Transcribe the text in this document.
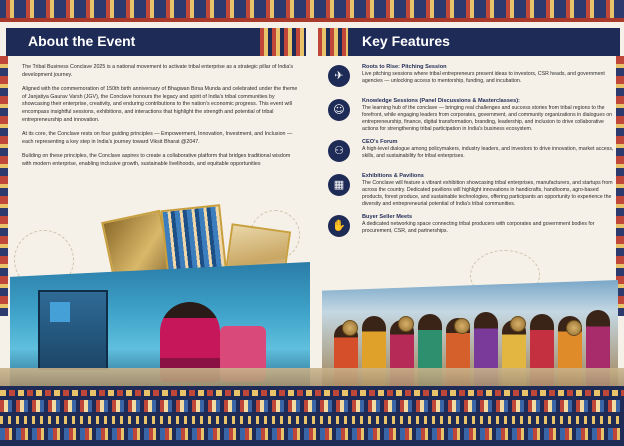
About the Event	Key Features

The Tribal Business Conclave 2025 is a national movement to activate tribal enterprise as a strategic pillar of India's development journey.

Aligned with the commemoration of 150th birth anniversary of Bhagwan Birsa Munda and celebrated under the theme of Janjatiya Gaurav Varsh (JGV), the Conclave honours the legacy and spirit of India's tribal communities by showcasing their enterprise, creativity, and enduring contributions to the nation's economic progress. This event will encompass insightful sessions, exhibitions, and interactions that highlight the strength and potential of tribal entrepreneurship and innovation.

At its core, the Conclave rests on four guiding principles — Empowerment, Innovation, Investment, and Inclusion — each representing a key step in India's journey toward Viksit Bharat @2047.

Building on these principles, the Conclave aspires to create a collaborative platform that bridges traditional wisdom with modern enterprise, enabling inclusive growth, sustainable livelihoods, and equitable opportunities

✈
Roots to Rise: Pitching Session

Live pitching sessions where tribal entrepreneurs present ideas to investors, CSR heads, and government agencies — unlocking access to mentorship, funding, and incubation.

☺
Knowledge Sessions (Panel Discussions & Masterclasses):

The learning hub of the conclave — bringing real challenges and success stories from tribal regions to the forefront, while engaging leaders from corporates, government, and community organizations in dialogues on entrepreneurship, finance, digital transformation, branding, leadership, and inclusion to drive collaborative actions for strengthening tribal participation in India's business ecosystem.

⚇
CEO's Forum

A high-level dialogue among policymakers, industry leaders, and investors to drive innovation, market access, skills, and sustainability for tribal enterprises.

▦
Exhibitions & Pavilions

The Conclave will feature a vibrant exhibition showcasing tribal enterprises, manufacturers, and startups from across the country. Dedicated pavilions will highlight innovations in handicrafts, handlooms, agro-based products, forest produce, and sustainable technologies, offering participants an opportunity to experience the diversity and entrepreneurial potential of India's tribal communities.

✋
Buyer Seller Meets

A dedicated networking space connecting tribal producers with corporates and government bodies for procurement, CSR, and partnerships.
